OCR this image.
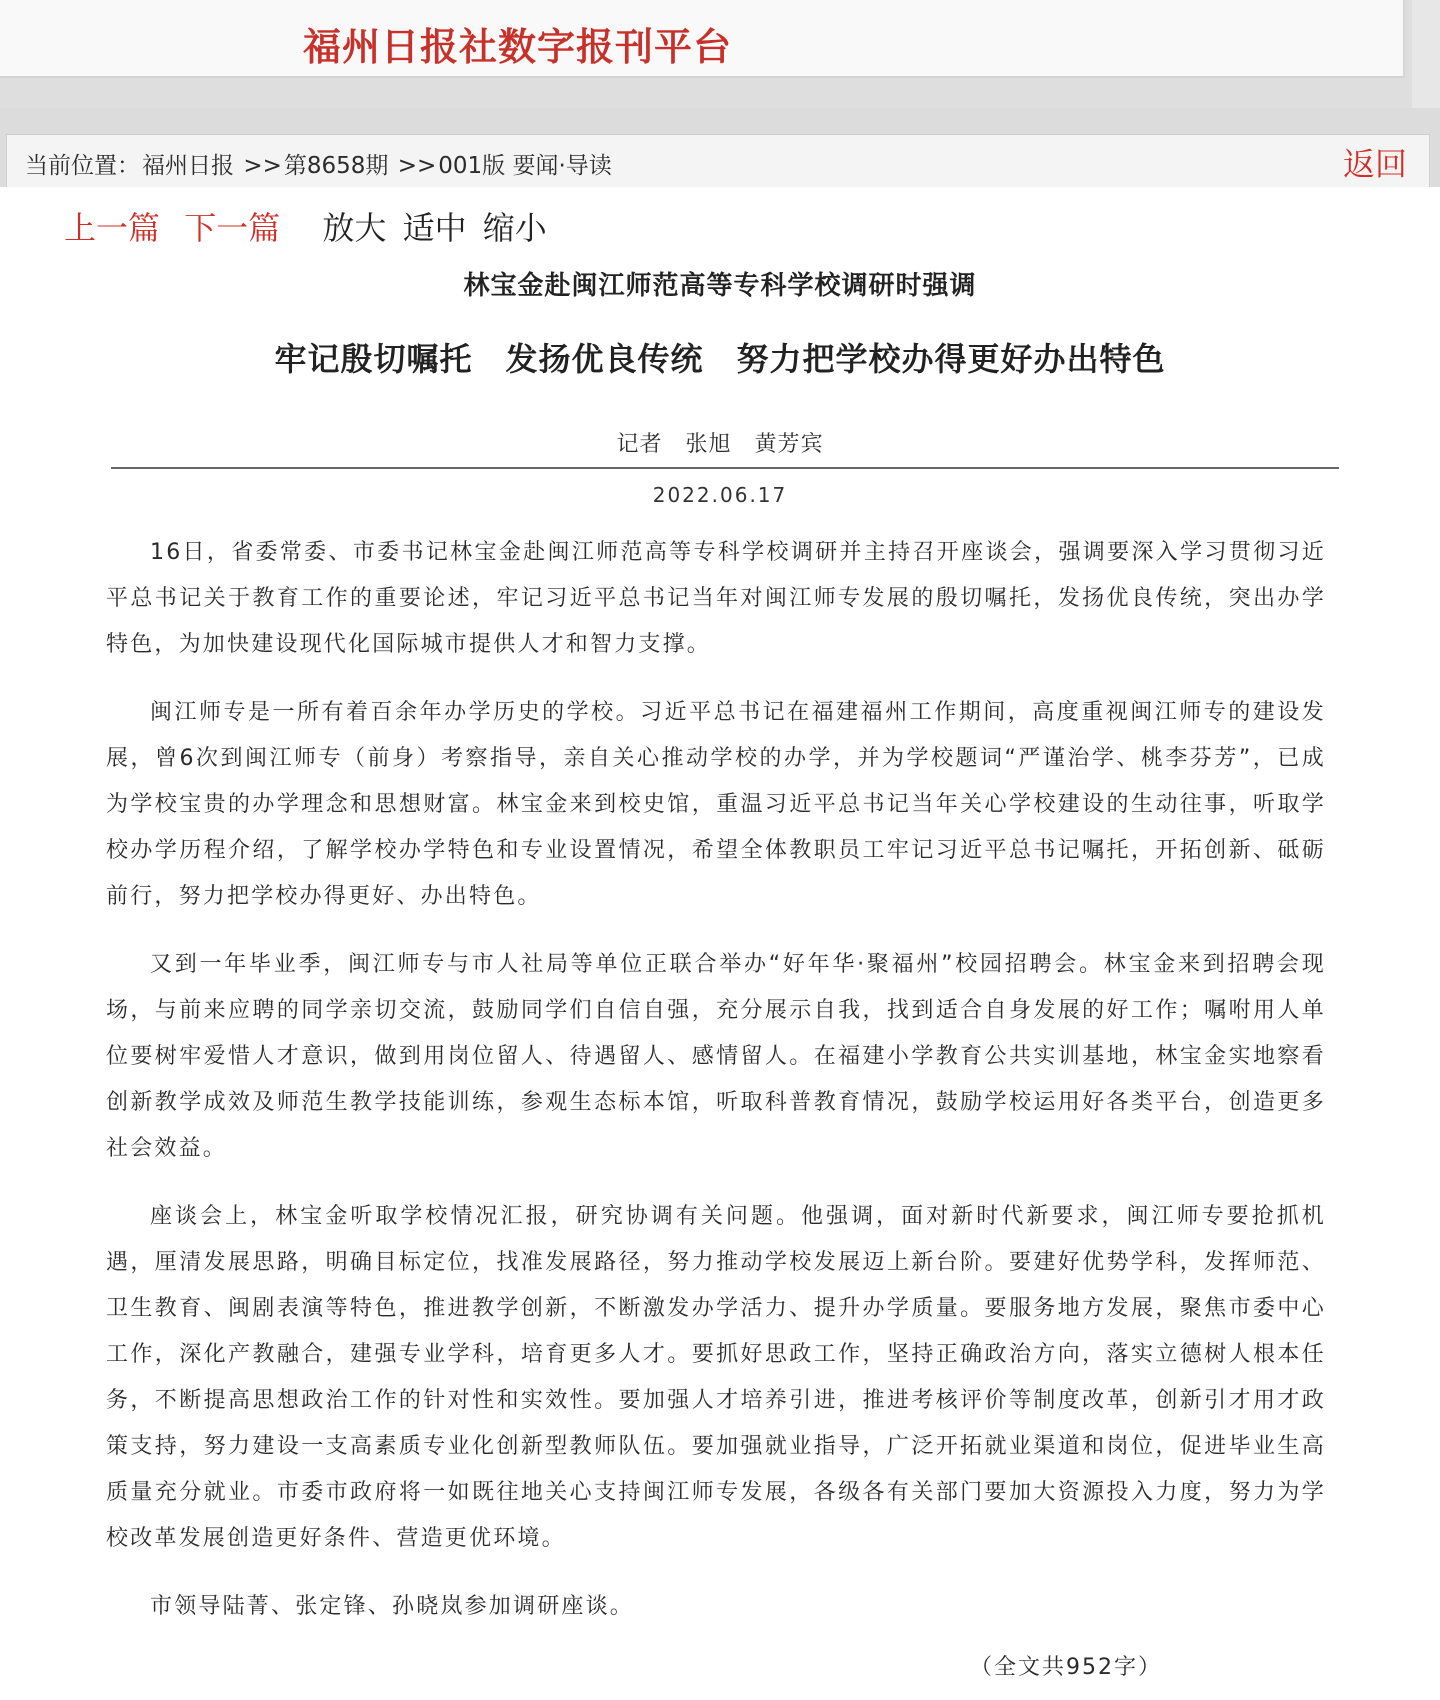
福州日报社数字报刊平台
当前位置：福州日报 >>第8658期 >>001版 要闻·导读	返回
上一篇 下一篇 放大 适中 缩小
林宝金赴闽江师范高等专科学校调研时强调
牢记殷切嘱托　发扬优良传统　努力把学校办得更好办出特色
记者　张旭　黄芳宾
2022.06.17

16日，省委常委、市委书记林宝金赴闽江师范高等专科学校调研并主持召开座谈会，强调要深入学习贯彻习近平总书记关于教育工作的重要论述，牢记习近平总书记当年对闽江师专发展的殷切嘱托，发扬优良传统，突出办学特色，为加快建设现代化国际城市提供人才和智力支撑。

闽江师专是一所有着百余年办学历史的学校。习近平总书记在福建福州工作期间，高度重视闽江师专的建设发展，曾6次到闽江师专（前身）考察指导，亲自关心推动学校的办学，并为学校题词“严谨治学、桃李芬芳”，已成为学校宝贵的办学理念和思想财富。林宝金来到校史馆，重温习近平总书记当年关心学校建设的生动往事，听取学校办学历程介绍，了解学校办学特色和专业设置情况，希望全体教职员工牢记习近平总书记嘱托，开拓创新、砥砺前行，努力把学校办得更好、办出特色。

又到一年毕业季，闽江师专与市人社局等单位正联合举办“好年华·聚福州”校园招聘会。林宝金来到招聘会现场，与前来应聘的同学亲切交流，鼓励同学们自信自强，充分展示自我，找到适合自身发展的好工作；嘱咐用人单位要树牢爱惜人才意识，做到用岗位留人、待遇留人、感情留人。在福建小学教育公共实训基地，林宝金实地察看创新教学成效及师范生教学技能训练，参观生态标本馆，听取科普教育情况，鼓励学校运用好各类平台，创造更多社会效益。

座谈会上，林宝金听取学校情况汇报，研究协调有关问题。他强调，面对新时代新要求，闽江师专要抢抓机遇，厘清发展思路，明确目标定位，找准发展路径，努力推动学校发展迈上新台阶。要建好优势学科，发挥师范、卫生教育、闽剧表演等特色，推进教学创新，不断激发办学活力、提升办学质量。要服务地方发展，聚焦市委中心工作，深化产教融合，建强专业学科，培育更多人才。要抓好思政工作，坚持正确政治方向，落实立德树人根本任务，不断提高思想政治工作的针对性和实效性。要加强人才培养引进，推进考核评价等制度改革，创新引才用才政策支持，努力建设一支高素质专业化创新型教师队伍。要加强就业指导，广泛开拓就业渠道和岗位，促进毕业生高质量充分就业。市委市政府将一如既往地关心支持闽江师专发展，各级各有关部门要加大资源投入力度，努力为学校改革发展创造更好条件、营造更优环境。

市领导陆菁、张定锋、孙晓岚参加调研座谈。

（全文共952字）
